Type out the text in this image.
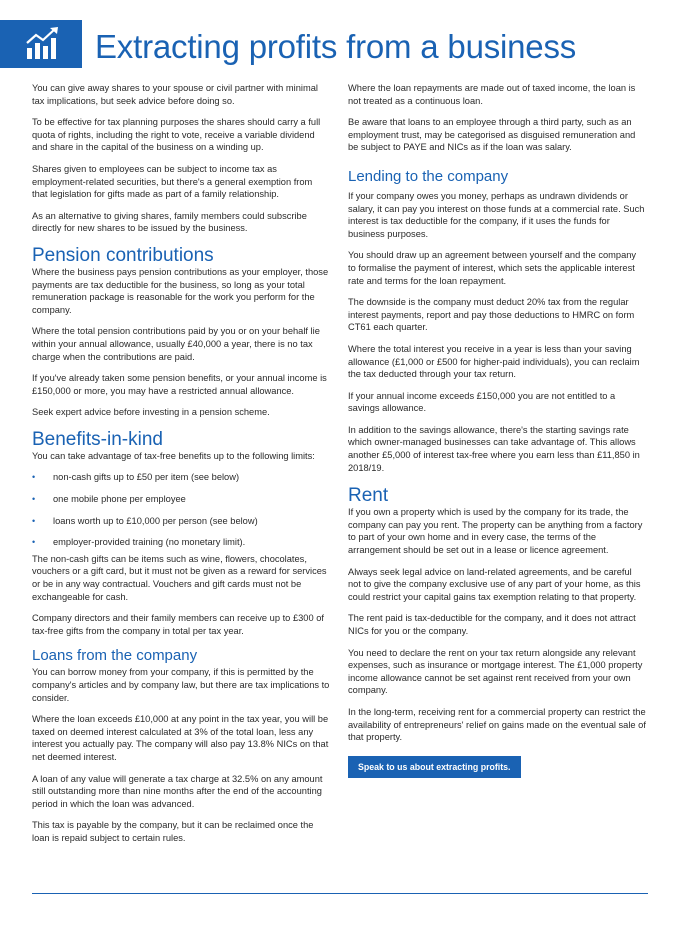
Extracting profits from a business

You can give away shares to your spouse or civil partner with minimal tax implications, but seek advice before doing so.

To be effective for tax planning purposes the shares should carry a full quota of rights, including the right to vote, receive a variable dividend and share in the capital of the business on a winding up.

Shares given to employees can be subject to income tax as employment-related securities, but there's a general exemption from that legislation for gifts made as part of a family relationship.

As an alternative to giving shares, family members could subscribe directly for new shares to be issued by the business.

Pension contributions

Where the business pays pension contributions as your employer, those payments are tax deductible for the business, so long as your total remuneration package is reasonable for the work you perform for the company.

Where the total pension contributions paid by you or on your behalf lie within your annual allowance, usually £40,000 a year, there is no tax charge when the contributions are paid.

If you've already taken some pension benefits, or your annual income is £150,000 or more, you may have a restricted annual allowance.

Seek expert advice before investing in a pension scheme.

Benefits-in-kind

You can take advantage of tax-free benefits up to the following limits:

• non-cash gifts up to £50 per item (see below)
• one mobile phone per employee
• loans worth up to £10,000 per person (see below)
• employer-provided training (no monetary limit).

The non-cash gifts can be items such as wine, flowers, chocolates, vouchers or a gift card, but it must not be given as a reward for services or be in any way contractual. Vouchers and gift cards must not be exchangeable for cash.

Company directors and their family members can receive up to £300 of tax-free gifts from the company in total per tax year.

Loans from the company

You can borrow money from your company, if this is permitted by the company's articles and by company law, but there are tax implications to consider.

Where the loan exceeds £10,000 at any point in the tax year, you will be taxed on deemed interest calculated at 3% of the total loan, less any interest you actually pay. The company will also pay 13.8% NICs on that net deemed interest.

A loan of any value will generate a tax charge at 32.5% on any amount still outstanding more than nine months after the end of the accounting period in which the loan was advanced.

This tax is payable by the company, but it can be reclaimed once the loan is repaid subject to certain rules.

Where the loan repayments are made out of taxed income, the loan is not treated as a continuous loan.

Be aware that loans to an employee through a third party, such as an employment trust, may be categorised as disguised remuneration and be subject to PAYE and NICs as if the loan was salary.

Lending to the company

If your company owes you money, perhaps as undrawn dividends or salary, it can pay you interest on those funds at a commercial rate. Such interest is tax deductible for the company, if it uses the funds for business purposes.

You should draw up an agreement between yourself and the company to formalise the payment of interest, which sets the applicable interest rate and terms for the loan repayment.

The downside is the company must deduct 20% tax from the regular interest payments, report and pay those deductions to HMRC on form CT61 each quarter.

Where the total interest you receive in a year is less than your saving allowance (£1,000 or £500 for higher-paid individuals), you can reclaim the tax deducted through your tax return.

If your annual income exceeds £150,000 you are not entitled to a savings allowance.

In addition to the savings allowance, there's the starting savings rate which owner-managed businesses can take advantage of. This allows another £5,000 of interest tax-free where you earn less than £11,850 in 2018/19.

Rent

If you own a property which is used by the company for its trade, the company can pay you rent. The property can be anything from a factory to part of your own home and in every case, the terms of the arrangement should be set out in a lease or licence agreement.

Always seek legal advice on land-related agreements, and be careful not to give the company exclusive use of any part of your home, as this could restrict your capital gains tax exemption relating to that property.

The rent paid is tax-deductible for the company, and it does not attract NICs for you or the company.

You need to declare the rent on your tax return alongside any relevant expenses, such as insurance or mortgage interest. The £1,000 property income allowance cannot be set against rent received from your own company.

In the long-term, receiving rent for a commercial property can restrict the availability of entrepreneurs' relief on gains made on the eventual sale of that property.

Speak to us about extracting profits.
